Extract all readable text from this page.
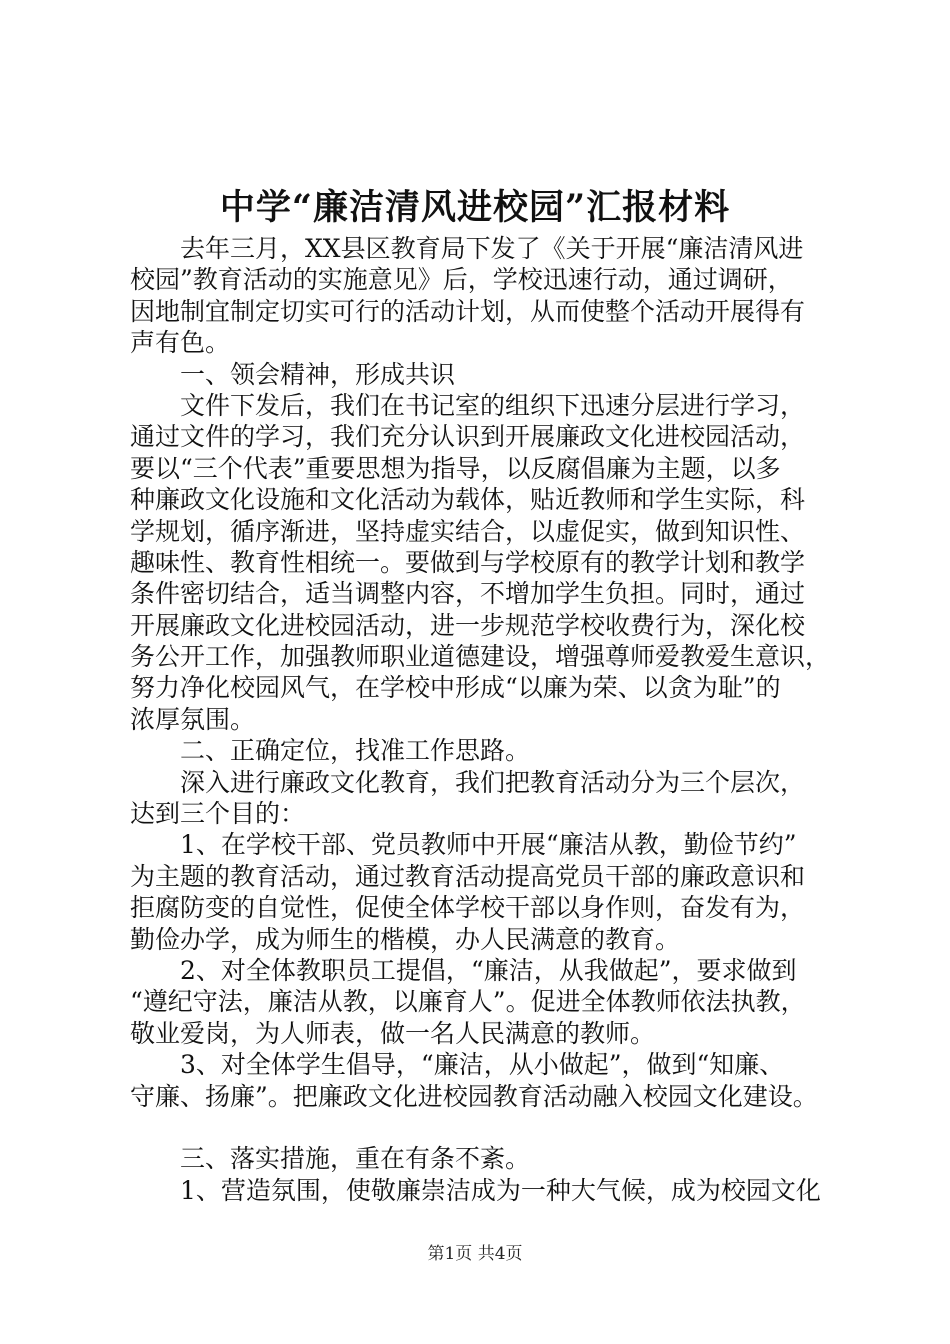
中学“廉洁清风进校园”汇报材料
　　去年三月，XX县区教育局下发了《关于开展“廉洁清风进
校园”教育活动的实施意见》后，学校迅速行动，通过调研，
因地制宜制定切实可行的活动计划，从而使整个活动开展得有
声有色。
　　一、领会精神，形成共识
　　文件下发后，我们在书记室的组织下迅速分层进行学习，
通过文件的学习，我们充分认识到开展廉政文化进校园活动，
要以“三个代表”重要思想为指导，以反腐倡廉为主题，以多
种廉政文化设施和文化活动为载体，贴近教师和学生实际，科
学规划，循序渐进，坚持虚实结合，以虚促实，做到知识性、
趣味性、教育性相统一。要做到与学校原有的教学计划和教学
条件密切结合，适当调整内容，不增加学生负担。同时，通过
开展廉政文化进校园活动，进一步规范学校收费行为，深化校
务公开工作，加强教师职业道德建设，增强尊师爱教爱生意识，
努力净化校园风气，在学校中形成“以廉为荣、以贪为耻”的
浓厚氛围。
　　二、正确定位，找准工作思路。
　　深入进行廉政文化教育，我们把教育活动分为三个层次，
达到三个目的：
　　1、在学校干部、党员教师中开展“廉洁从教，勤俭节约”
为主题的教育活动，通过教育活动提高党员干部的廉政意识和
拒腐防变的自觉性，促使全体学校干部以身作则，奋发有为，
勤俭办学，成为师生的楷模，办人民满意的教育。
　　2、对全体教职员工提倡，“廉洁，从我做起”，要求做到
“遵纪守法，廉洁从教，以廉育人”。促进全体教师依法执教，
敬业爱岗，为人师表，做一名人民满意的教师。
　　3、对全体学生倡导，“廉洁，从小做起”，做到“知廉、
守廉、扬廉”。把廉政文化进校园教育活动融入校园文化建设。
　　三、落实措施，重在有条不紊。
　　1、营造氛围，使敬廉崇洁成为一种大气候，成为校园文化
第1页 共4页
